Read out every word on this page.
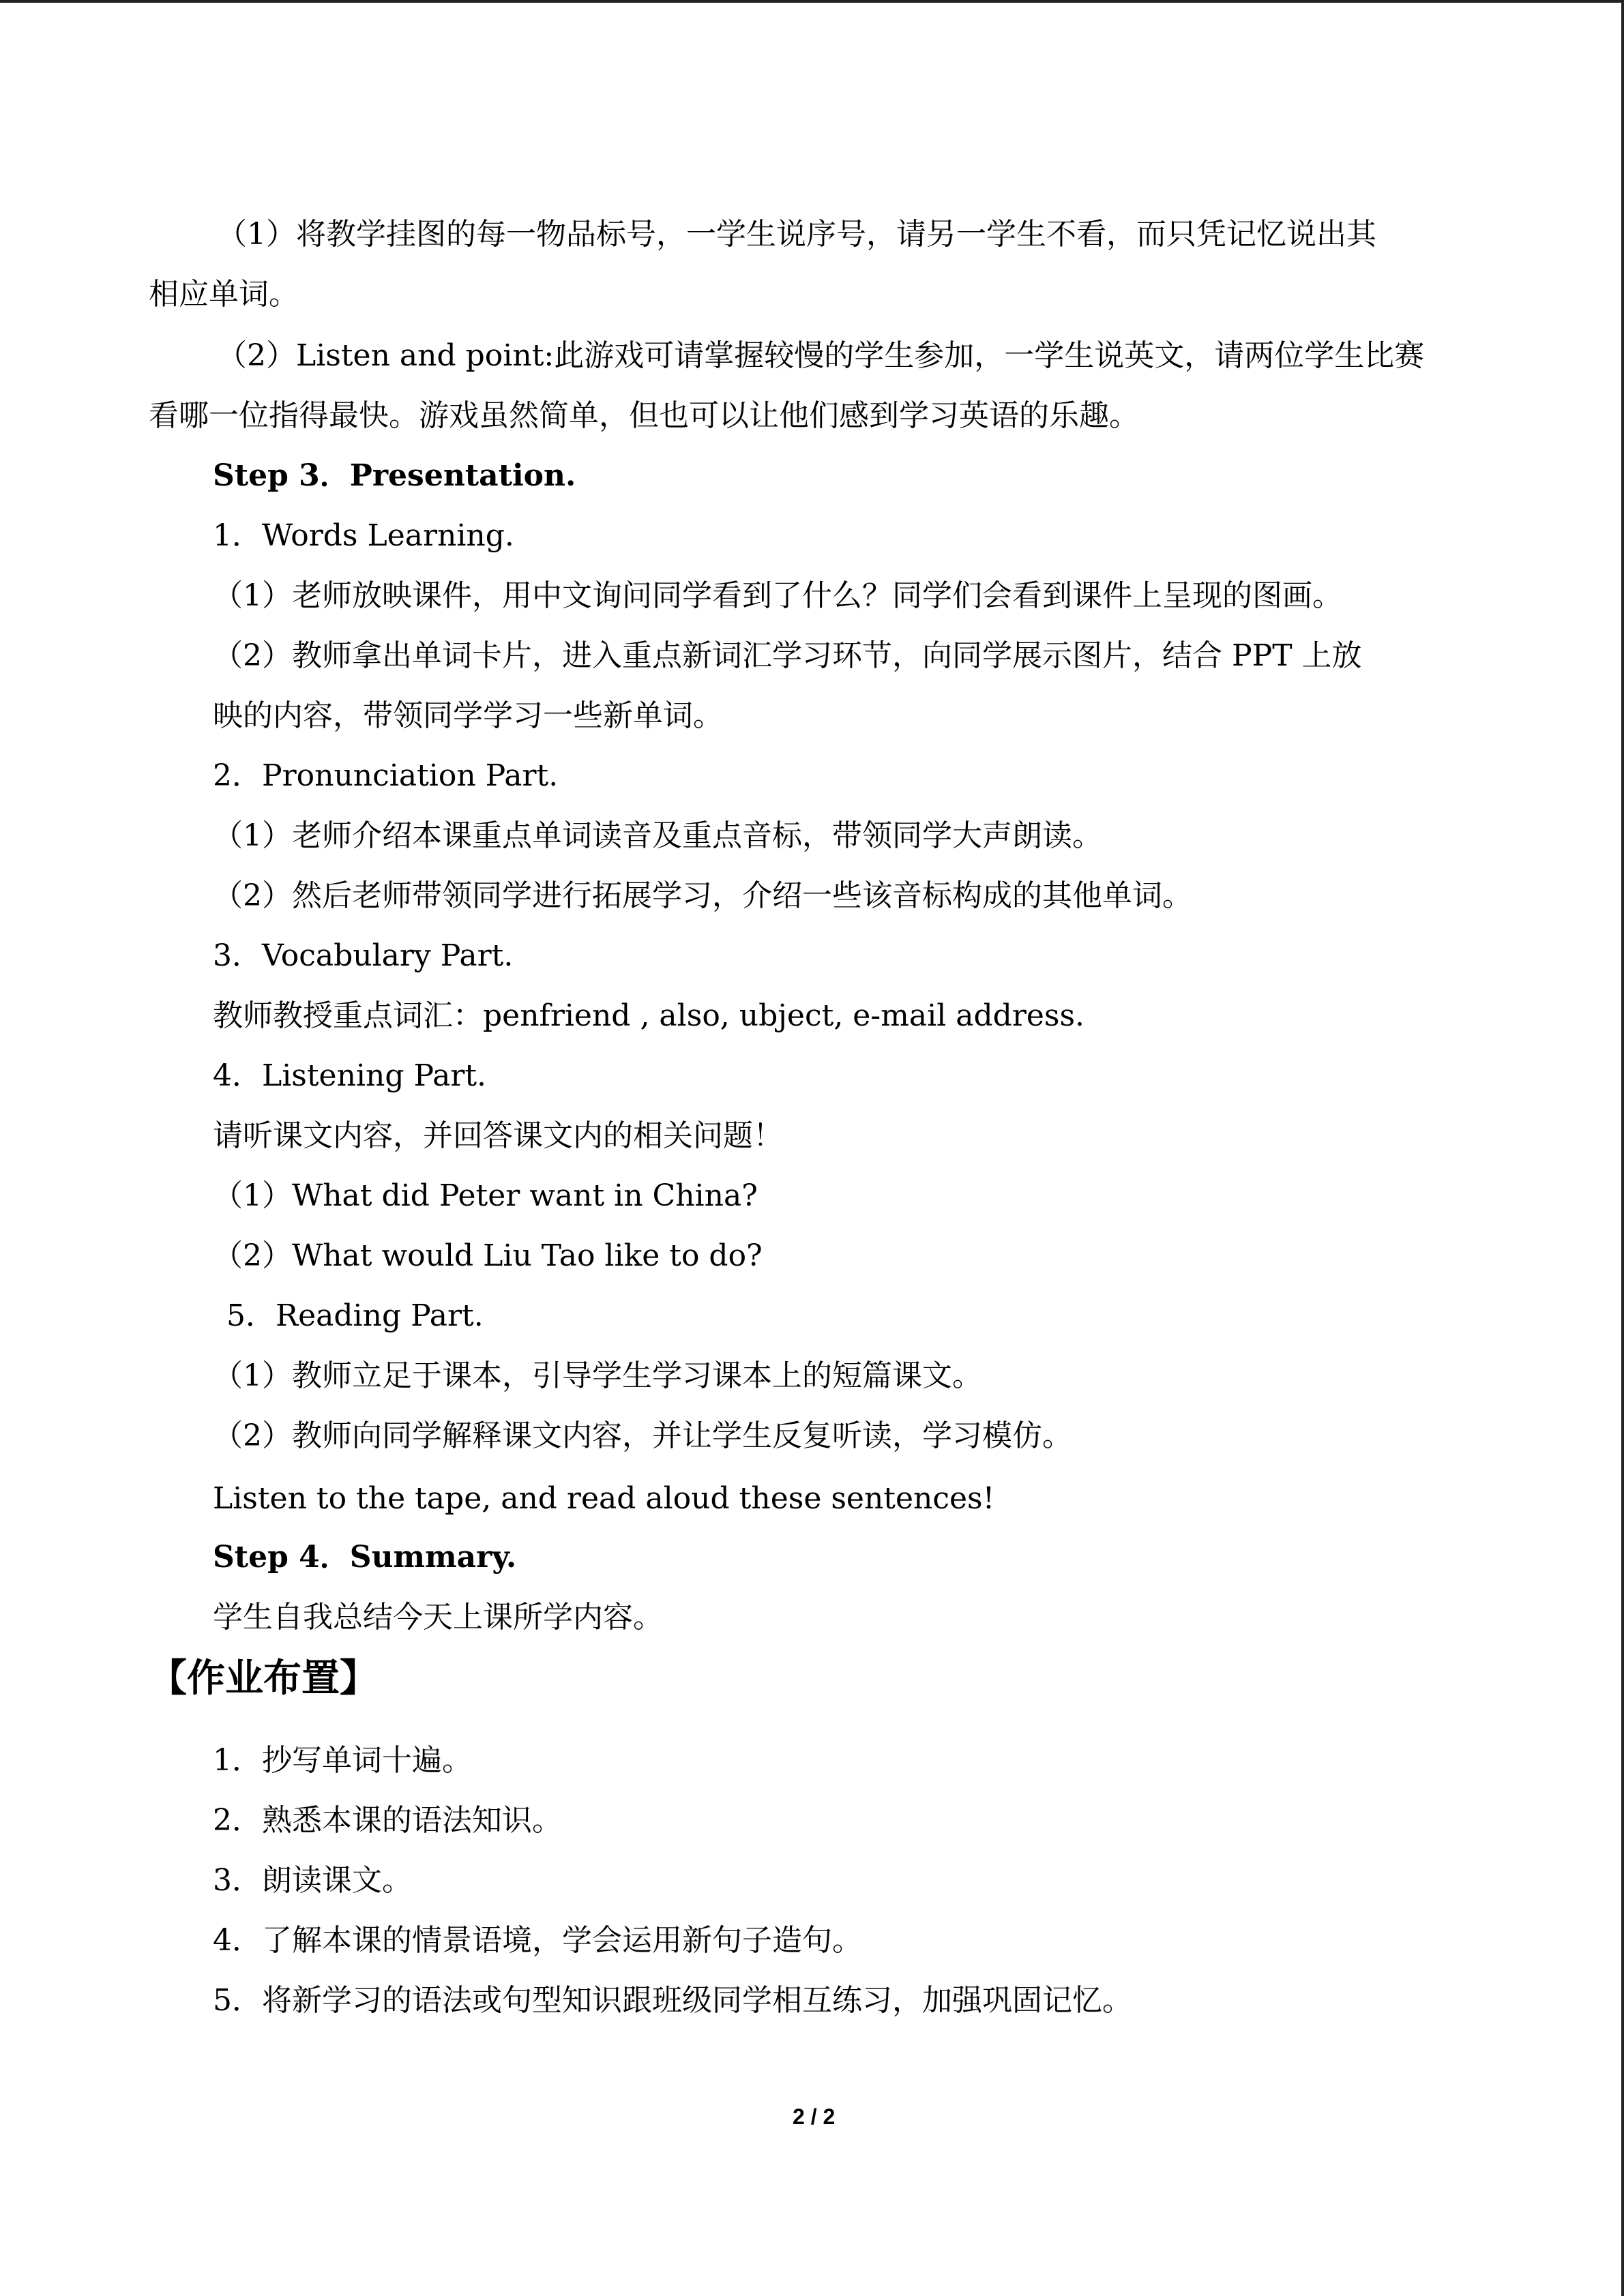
（1）将教学挂图的每一物品标号，一学生说序号，请另一学生不看，而只凭记忆说出其
相应单词。
（2）Listen and point:此游戏可请掌握较慢的学生参加，一学生说英文，请两位学生比赛
看哪一位指得最快。游戏虽然简单，但也可以让他们感到学习英语的乐趣。
Step 3．Presentation.
1．Words Learning.
（1）老师放映课件，用中文询问同学看到了什么？同学们会看到课件上呈现的图画。
（2）教师拿出单词卡片，进入重点新词汇学习环节，向同学展示图片，结合 PPT 上放
映的内容，带领同学学习一些新单词。
2．Pronunciation Part.
（1）老师介绍本课重点单词读音及重点音标，带领同学大声朗读。
（2）然后老师带领同学进行拓展学习，介绍一些该音标构成的其他单词。
3．Vocabulary Part.
教师教授重点词汇：penfriend , also, ubject, e-mail address.
4．Listening Part.
请听课文内容，并回答课文内的相关问题！
（1）What did Peter want in China?
（2）What would Liu Tao like to do?
5．Reading Part.
（1）教师立足于课本，引导学生学习课本上的短篇课文。
（2）教师向同学解释课文内容，并让学生反复听读，学习模仿。
Listen to the tape, and read aloud these sentences!
Step 4．Summary.
学生自我总结今天上课所学内容。
【作业布置】
1．抄写单词十遍。
2．熟悉本课的语法知识。
3．朗读课文。
4．了解本课的情景语境，学会运用新句子造句。
5．将新学习的语法或句型知识跟班级同学相互练习，加强巩固记忆。
2 / 2
